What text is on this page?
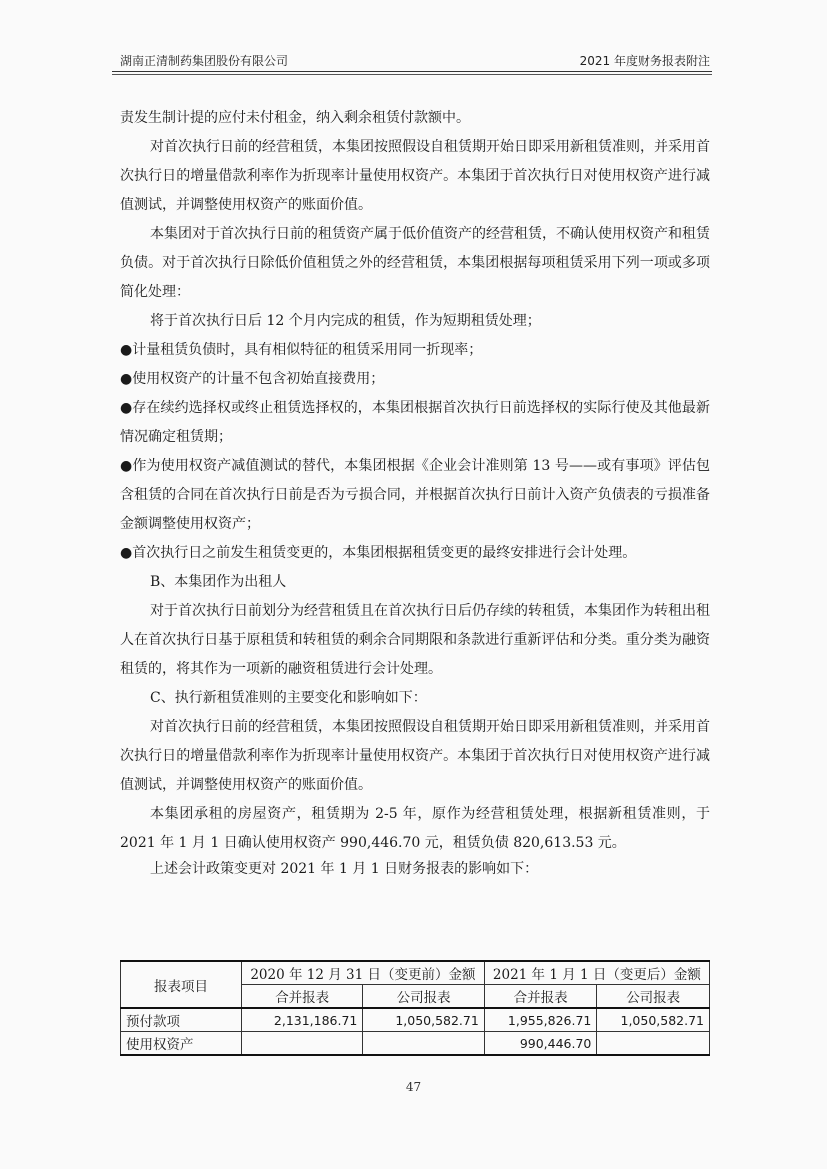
湖南正清制药集团股份有限公司	2021 年度财务报表附注

责发生制计提的应付未付租金，纳入剩余租赁付款额中。

对首次执行日前的经营租赁，本集团按照假设自租赁期开始日即采用新租赁准则，并采用首次执行日的增量借款利率作为折现率计量使用权资产。本集团于首次执行日对使用权资产进行减值测试，并调整使用权资产的账面价值。

本集团对于首次执行日前的租赁资产属于低价值资产的经营租赁，不确认使用权资产和租赁负债。对于首次执行日除低价值租赁之外的经营租赁，本集团根据每项租赁采用下列一项或多项简化处理：

将于首次执行日后 12 个月内完成的租赁，作为短期租赁处理；

●计量租赁负债时，具有相似特征的租赁采用同一折现率；

●使用权资产的计量不包含初始直接费用；

●存在续约选择权或终止租赁选择权的，本集团根据首次执行日前选择权的实际行使及其他最新情况确定租赁期；

●作为使用权资产减值测试的替代，本集团根据《企业会计准则第 13 号——或有事项》评估包含租赁的合同在首次执行日前是否为亏损合同，并根据首次执行日前计入资产负债表的亏损准备金额调整使用权资产；

●首次执行日之前发生租赁变更的，本集团根据租赁变更的最终安排进行会计处理。

B、本集团作为出租人

对于首次执行日前划分为经营租赁且在首次执行日后仍存续的转租赁，本集团作为转租出租人在首次执行日基于原租赁和转租赁的剩余合同期限和条款进行重新评估和分类。重分类为融资租赁的，将其作为一项新的融资租赁进行会计处理。

C、执行新租赁准则的主要变化和影响如下：

对首次执行日前的经营租赁，本集团按照假设自租赁期开始日即采用新租赁准则，并采用首次执行日的增量借款利率作为折现率计量使用权资产。本集团于首次执行日对使用权资产进行减值测试，并调整使用权资产的账面价值。

本集团承租的房屋资产，租赁期为 2-5 年，原作为经营租赁处理，根据新租赁准则，于 2021 年 1 月 1 日确认使用权资产 990,446.70 元，租赁负债 820,613.53 元。

上述会计政策变更对 2021 年 1 月 1 日财务报表的影响如下：

报表项目	2020 年 12 月 31 日（变更前）金额		2021 年 1 月 1 日（变更后）金额	
	合并报表	公司报表	合并报表	公司报表
预付款项	2,131,186.71	1,050,582.71	1,955,826.71	1,050,582.71
使用权资产			990,446.70	
47
